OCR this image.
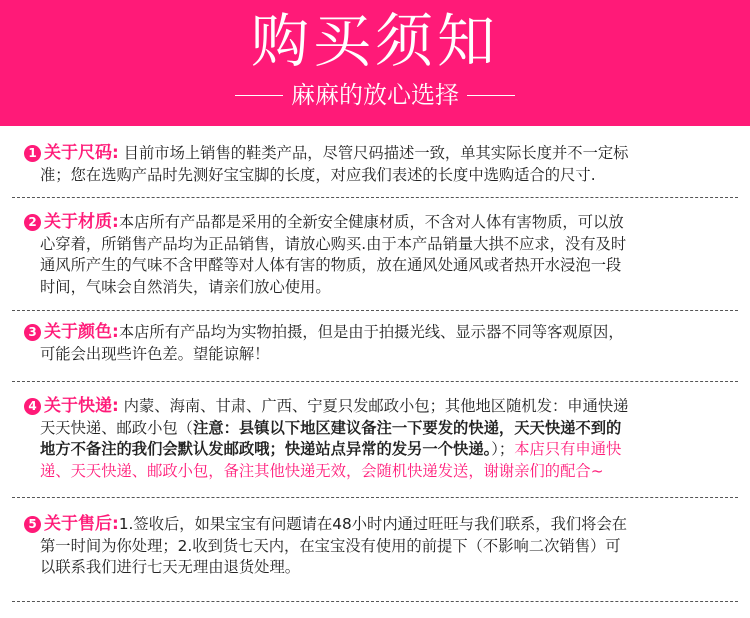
购买须知
麻麻的放心选择
1 关于尺码: 目前市场上销售的鞋类产品，尽管尺码描述一致，单其实际长度并不一定标
准；您在选购产品时先测好宝宝脚的长度，对应我们表述的长度中选购适合的尺寸.
2 关于材质:本店所有产品都是采用的全新安全健康材质，不含对人体有害物质，可以放
心穿着，所销售产品均为正品销售，请放心购买.由于本产品销量大拱不应求，没有及时
通风所产生的气味不含甲醛等对人体有害的物质，放在通风处通风或者热开水浸泡一段
时间，气味会自然消失，请亲们放心使用。
3 关于颜色:本店所有产品均为实物拍摄，但是由于拍摄光线、显示器不同等客观原因，
可能会出现些许色差。望能谅解！
4 关于快递: 内蒙、海南、甘肃、广西、宁夏只发邮政小包；其他地区随机发：申通快递
天天快递、邮政小包（注意：县镇以下地区建议备注一下要发的快递，天天快递不到的
地方不备注的我们会默认发邮政哦；快递站点异常的发另一个快递。）；本店只有申通快
递、天天快递、邮政小包，备注其他快递无效，会随机快递发送，谢谢亲们的配合~
5 关于售后:1.签收后，如果宝宝有问题请在48小时内通过旺旺与我们联系，我们将会在
第一时间为你处理；2.收到货七天内，在宝宝没有使用的前提下（不影响二次销售）可
以联系我们进行七天无理由退货处理。
